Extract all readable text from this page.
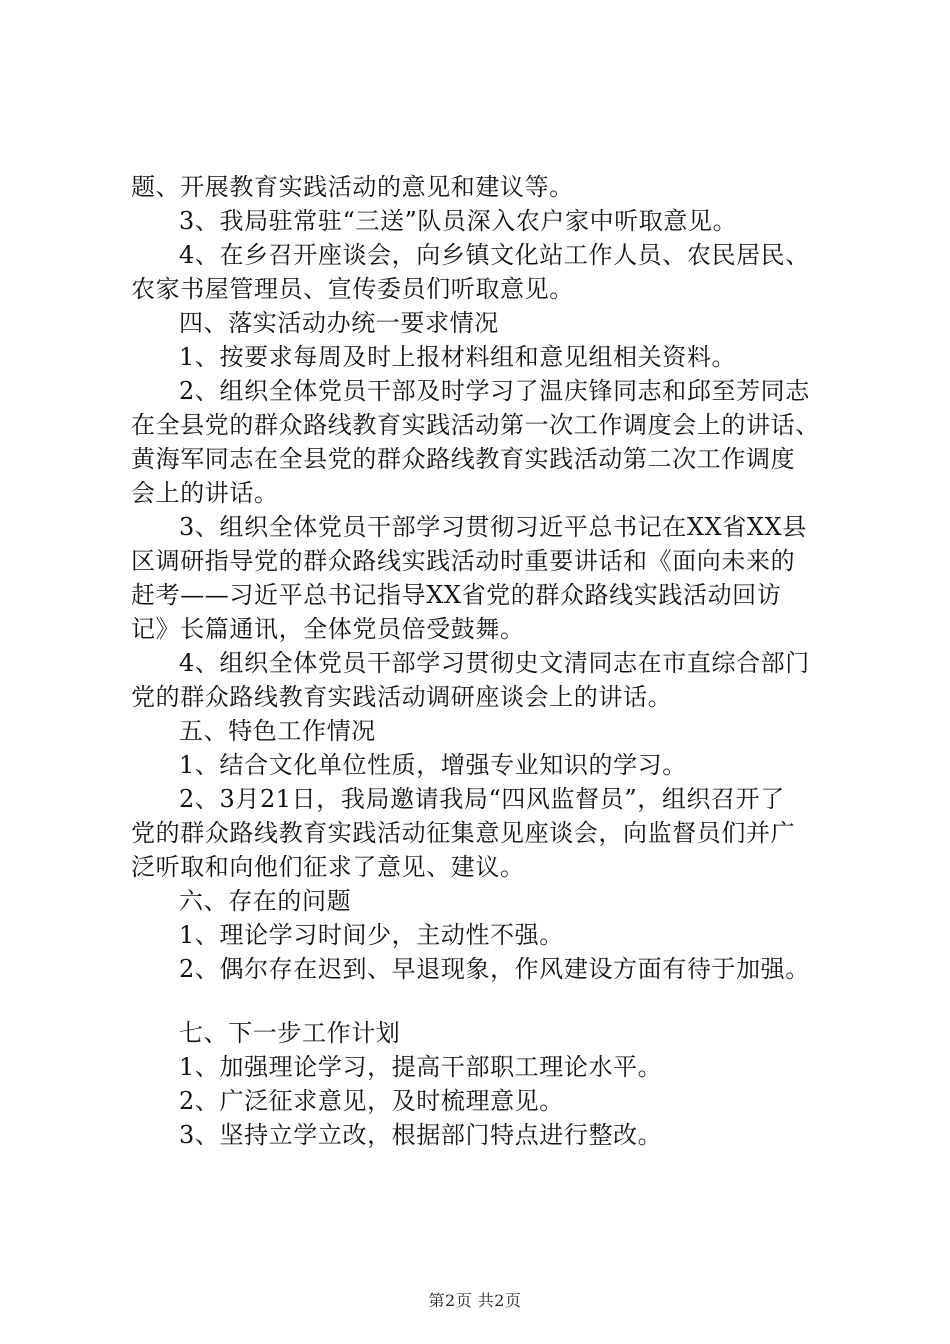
题、开展教育实践活动的意见和建议等。
3、我局驻常驻“三送”队员深入农户家中听取意见。
4、在乡召开座谈会，向乡镇文化站工作人员、农民居民、
农家书屋管理员、宣传委员们听取意见。
四、落实活动办统一要求情况
1、按要求每周及时上报材料组和意见组相关资料。
2、组织全体党员干部及时学习了温庆锋同志和邱至芳同志
在全县党的群众路线教育实践活动第一次工作调度会上的讲话、
黄海军同志在全县党的群众路线教育实践活动第二次工作调度
会上的讲话。
3、组织全体党员干部学习贯彻习近平总书记在XX省XX县
区调研指导党的群众路线实践活动时重要讲话和《面向未来的
赶考——习近平总书记指导XX省党的群众路线实践活动回访
记》长篇通讯，全体党员倍受鼓舞。
4、组织全体党员干部学习贯彻史文清同志在市直综合部门
党的群众路线教育实践活动调研座谈会上的讲话。
五、特色工作情况
1、结合文化单位性质，增强专业知识的学习。
2、3月21日，我局邀请我局“四风监督员”，组织召开了
党的群众路线教育实践活动征集意见座谈会，向监督员们并广
泛听取和向他们征求了意见、建议。
六、存在的问题
1、理论学习时间少，主动性不强。
2、偶尔存在迟到、早退现象，作风建设方面有待于加强。
七、下一步工作计划
1、加强理论学习，提高干部职工理论水平。
2、广泛征求意见，及时梳理意见。
3、坚持立学立改，根据部门特点进行整改。
第2页 共2页
